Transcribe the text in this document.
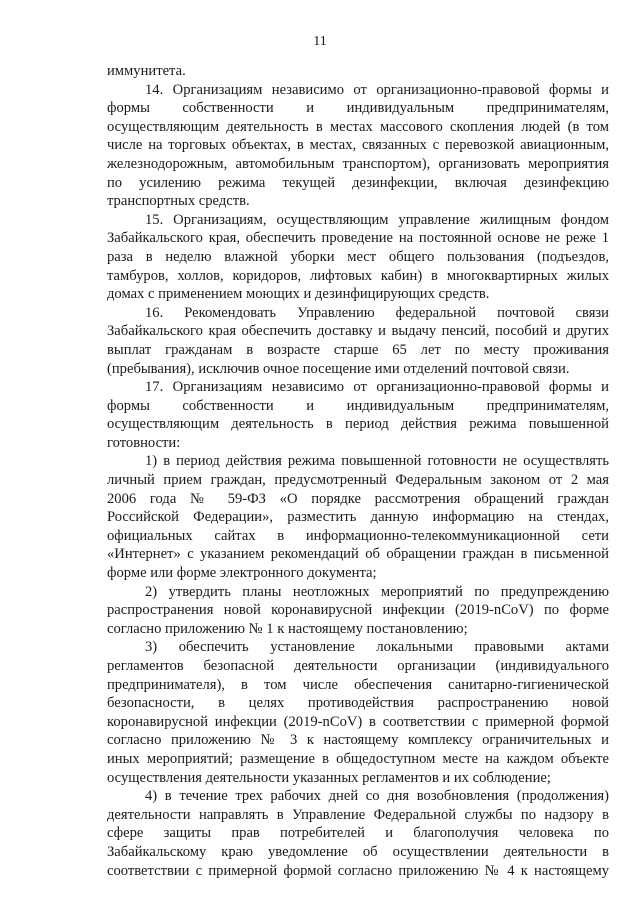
11
иммунитета.
14. Организациям независимо от организационно-правовой формы и
формы собственности и индивидуальным предпринимателям,
осуществляющим деятельность в местах массового скопления людей (в том
числе на торговых объектах, в местах, связанных с перевозкой авиационным,
железнодорожным, автомобильным транспортом), организовать мероприятия
по усилению режима текущей дезинфекции, включая дезинфекцию
транспортных средств.
15. Организациям, осуществляющим управление жилищным фондом
Забайкальского края, обеспечить проведение на постоянной основе не реже 1
раза в неделю влажной уборки мест общего пользования (подъездов,
тамбуров, холлов, коридоров, лифтовых кабин) в многоквартирных жилых
домах с применением моющих и дезинфицирующих средств.
16. Рекомендовать Управлению федеральной почтовой связи
Забайкальского края обеспечить доставку и выдачу пенсий, пособий и других
выплат гражданам в возрасте старше 65 лет по месту проживания
(пребывания), исключив очное посещение ими отделений почтовой связи.
17. Организациям независимо от организационно-правовой формы и
формы собственности и индивидуальным предпринимателям,
осуществляющим деятельность в период действия режима повышенной
готовности:
1) в период действия режима повышенной готовности не осуществлять
личный прием граждан, предусмотренный Федеральным законом от 2 мая
2006 года № 59-ФЗ «О порядке рассмотрения обращений граждан
Российской Федерации», разместить данную информацию на стендах,
официальных сайтах в информационно-телекоммуникационной сети
«Интернет» с указанием рекомендаций об обращении граждан в письменной
форме или форме электронного документа;
2) утвердить планы неотложных мероприятий по предупреждению
распространения новой коронавирусной инфекции (2019-nCoV) по форме
согласно приложению № 1 к настоящему постановлению;
3) обеспечить установление локальными правовыми актами
регламентов безопасной деятельности организации (индивидуального
предпринимателя), в том числе обеспечения санитарно-гигиенической
безопасности, в целях противодействия распространению новой
коронавирусной инфекции (2019-nCoV) в соответствии с примерной формой
согласно приложению № 3 к настоящему комплексу ограничительных и
иных мероприятий; размещение в общедоступном месте на каждом объекте
осуществления деятельности указанных регламентов и их соблюдение;
4) в течение трех рабочих дней со дня возобновления (продолжения)
деятельности направлять в Управление Федеральной службы по надзору в
сфере защиты прав потребителей и благополучия человека по
Забайкальскому краю уведомление об осуществлении деятельности в
соответствии с примерной формой согласно приложению № 4 к настоящему
